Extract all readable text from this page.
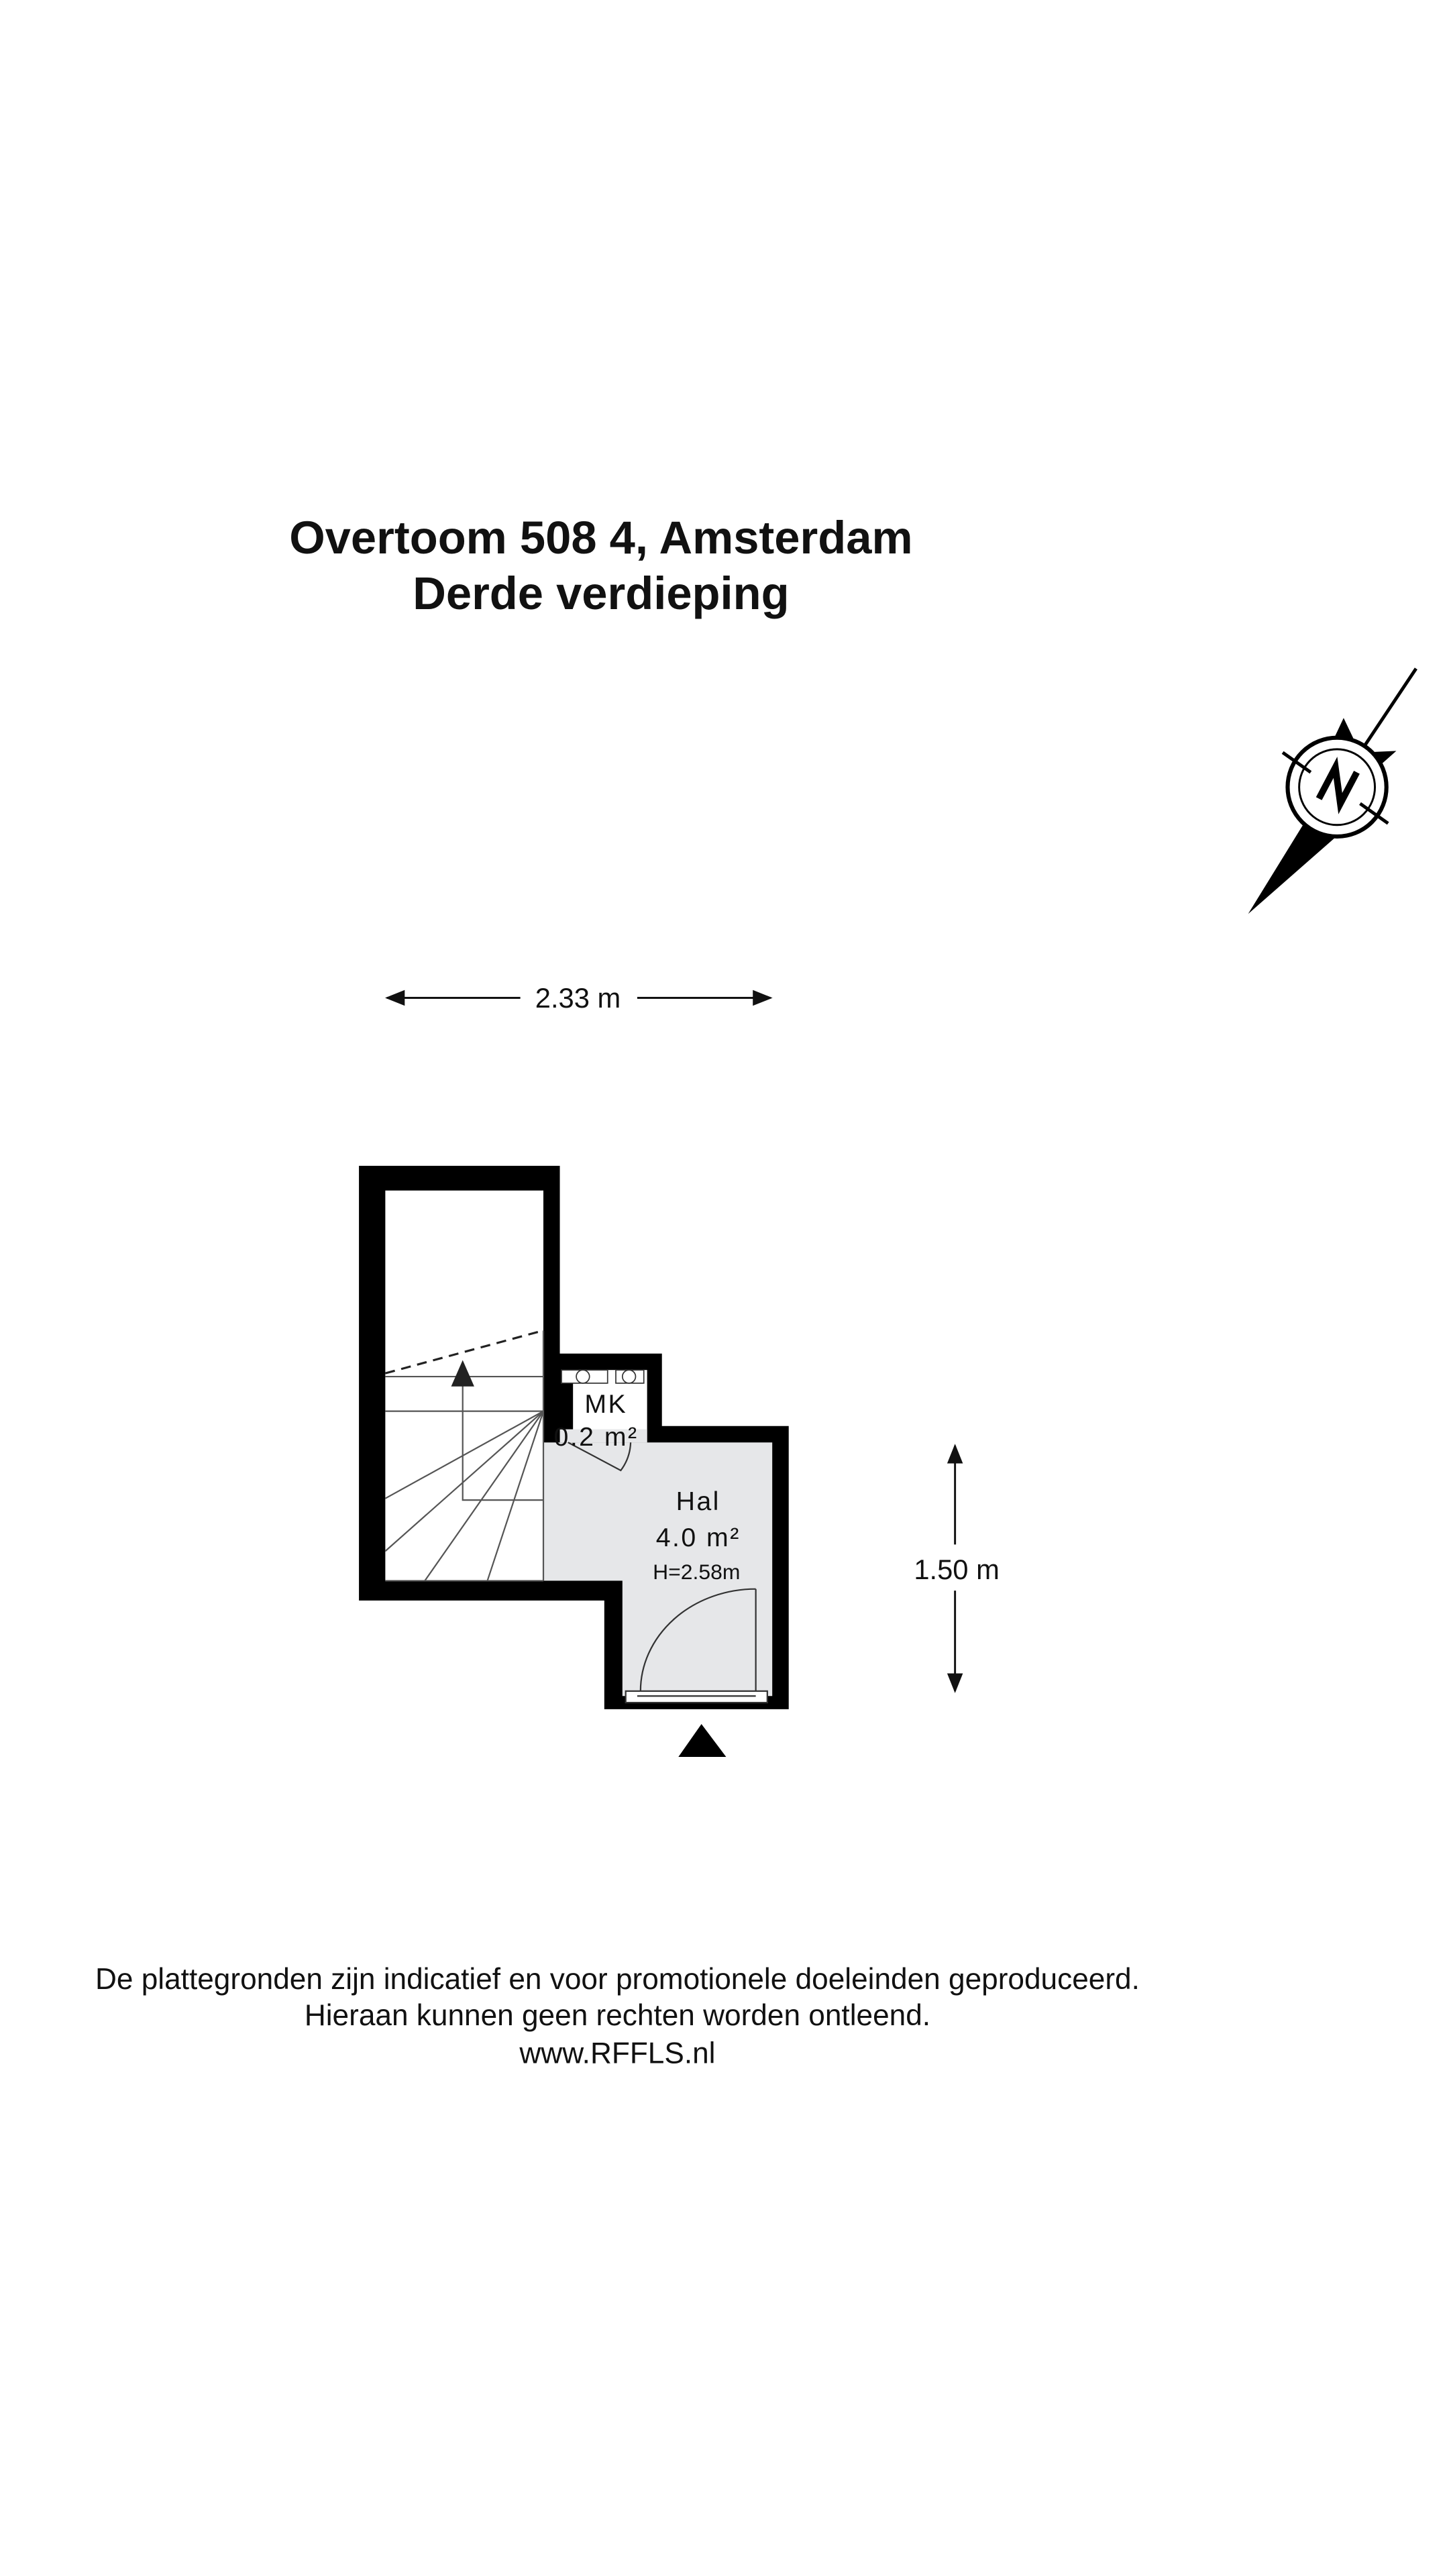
Overtoom 508 4, Amsterdam
Derde verdieping
2.33 m
1.50 m
MK
0.2 m²
Hal
4.0 m²
H=2.58m
De plattegronden zijn indicatief en voor promotionele doeleinden geproduceerd.
Hieraan kunnen geen rechten worden ontleend.
www.RFFLS.nl
